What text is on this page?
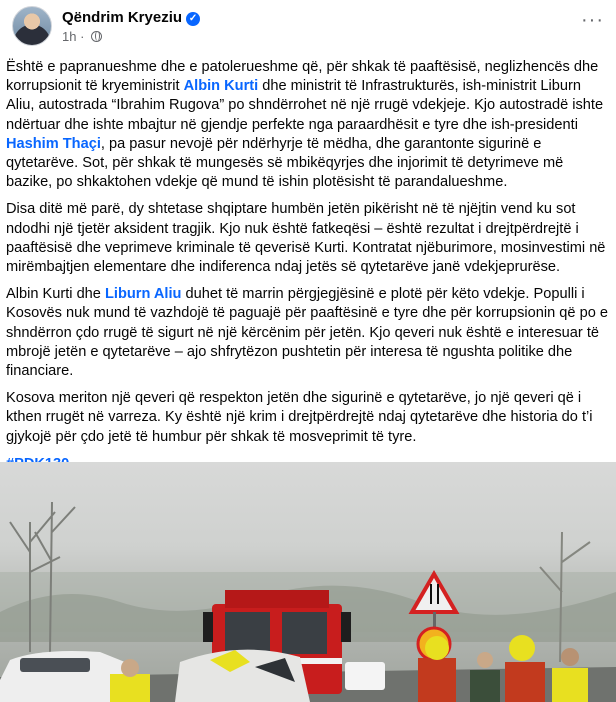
Qëndrim Kryeziu ✓
1h ·
···

Është e papranueshme dhe e patolerueshme që, për shkak të paaftësisë, neglizhencës dhe korrupsionit të kryeministrit Albin Kurti dhe ministrit të Infrastrukturës, ish-ministrit Liburn Aliu, autostrada “Ibrahim Rugova” po shndërrohet në një rrugë vdekjeje. Kjo autostradë ishte ndërtuar dhe ishte mbajtur në gjendje perfekte nga paraardhësit e tyre dhe ish-presidenti Hashim Thaçi, pa pasur nevojë për ndërhyrje të mëdha, dhe garantonte sigurinë e qytetarëve. Sot, për shkak të mungesës së mbikëqyrjes dhe injorimit të detyrimeve më bazike, po shkaktohen vdekje që mund të ishin plotësisht të parandalueshme.

Disa ditë më parë, dy shtetase shqiptare humbën jetën pikërisht në të njëjtin vend ku sot ndodhi një tjetër aksident tragjik. Kjo nuk është fatkeqësi – është rezultat i drejtpërdrejtë i paaftësisë dhe veprimeve kriminale të qeverisë Kurti. Kontratat njëburimore, mosinvestimi në mirëmbajtjen elementare dhe indiferenca ndaj jetës së qytetarëve janë vdekjeprurëse.

Albin Kurti dhe Liburn Aliu duhet të marrin përgjegjësinë e plotë për këto vdekje. Populli i Kosovës nuk mund të vazhdojë të paguajë për paaftësinë e tyre dhe për korrupsionin që po e shndërron çdo rrugë të sigurt në një kërcënim për jetën. Kjo qeveri nuk është e interesuar të mbrojë jetën e qytetarëve – ajo shfrytëzon pushtetin për interesa të ngushta politike dhe financiare.

Kosova meriton një qeveri që respekton jetën dhe sigurinë e qytetarëve, jo një qeveri që i kthen rrugët në varreza. Ky është një krim i drejtpërdrejtë ndaj qytetarëve dhe historia do t’i gjykojë për çdo jetë të humbur për shkak të mosveprimit të tyre.
